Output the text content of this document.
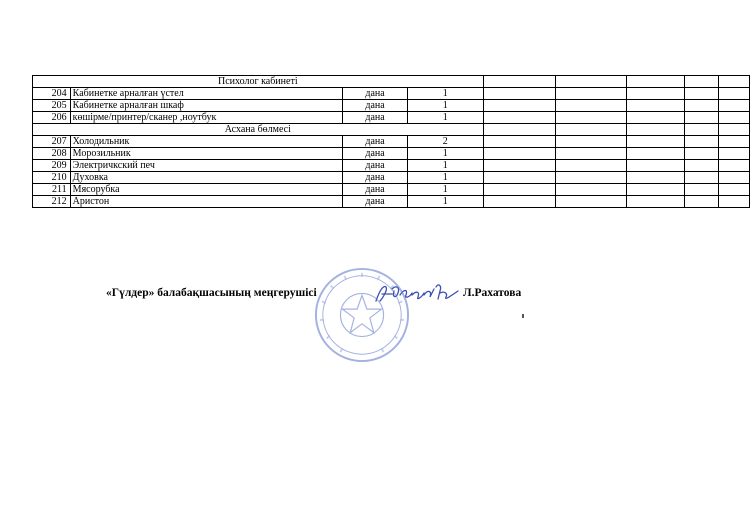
Психолог кабинеті								
204	Кабинетке арналған үстел	дана	1					
205	Кабинетке арналған шкаф	дана	1					
206	көшірме/принтер/сканер ,ноутбук	дана	1					
Асхана бөлмесі								
207	Холодильник	дана	2					
208	Морозильник	дана	1					
209	Электричкский печ	дана	1					
210	Духовка	дана	1					
211	Мясорубка	дана	1					
212	Аристон	дана	1					
«Гүлдер» балабақшасының меңгерушісі	Л.Рахатова
